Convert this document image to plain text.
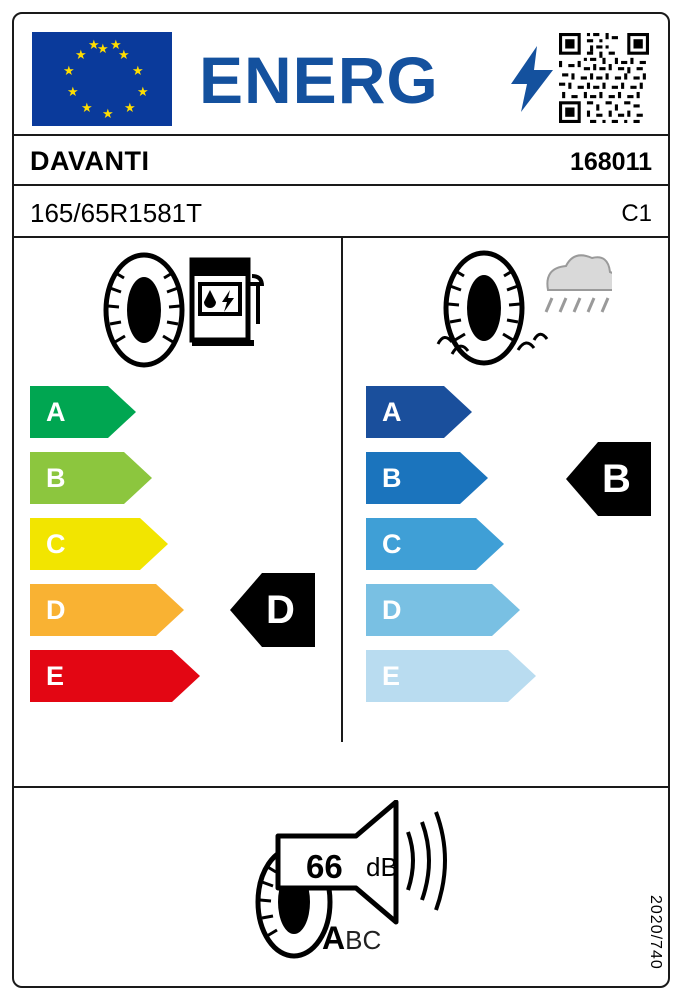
★ ★
★
★
★
★
★
★
★
★
★ ★ ENERG
DAVANTI	168011
165/65R1581T	C1
A
B
C
D
E
D
A
B
C
D
E
B
66 dB
ABC	2020/740
